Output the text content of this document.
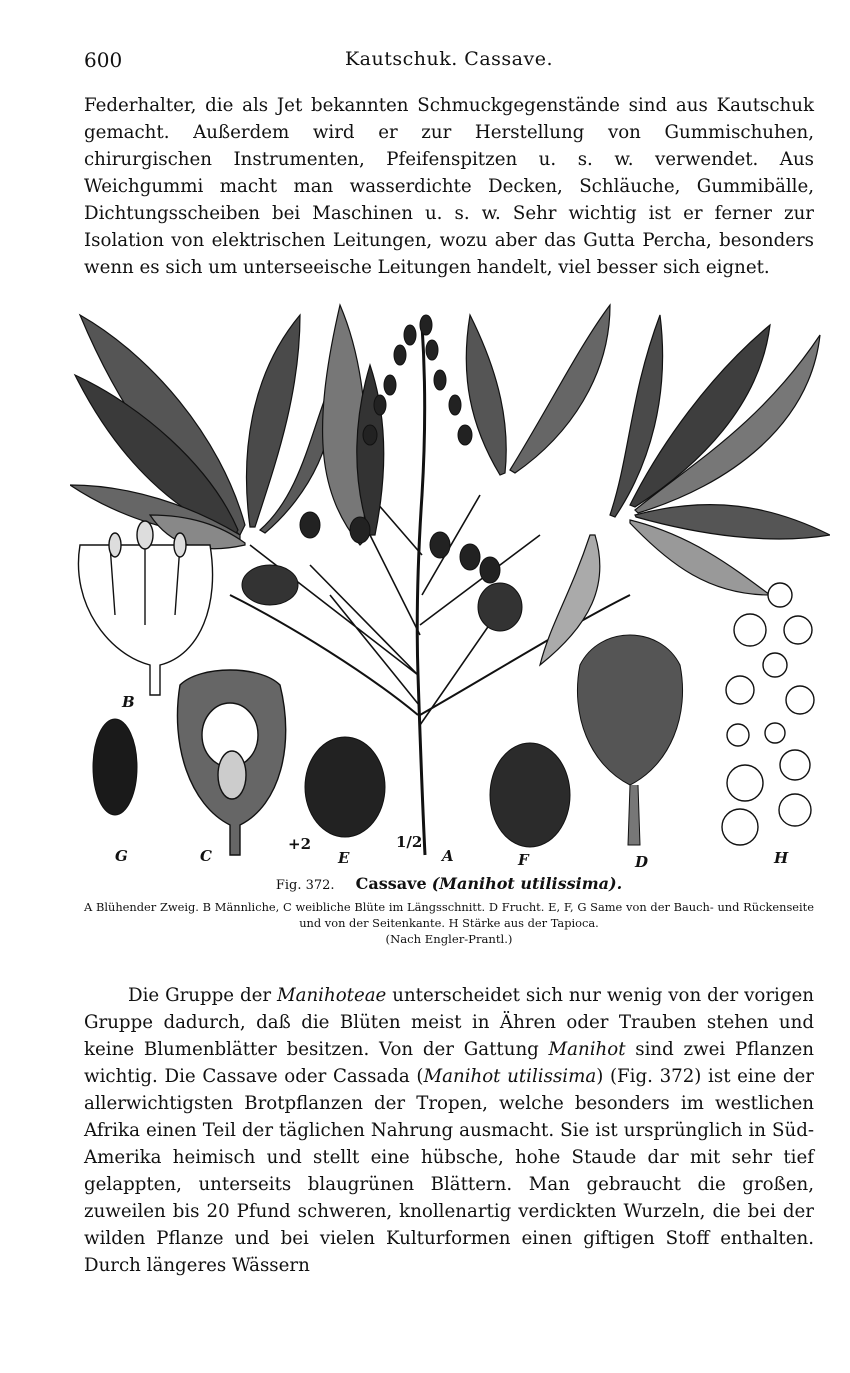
600	Kautschuk. Cassave.
Federhalter, die als Jet bekannten Schmuckgegenstände sind aus Kautschuk gemacht. Außerdem wird er zur Herstellung von Gummischuhen, chirurgischen Instrumenten, Pfeifenspitzen u. s. w. verwendet. Aus Weichgummi macht man wasserdichte Decken, Schläuche, Gummibälle, Dichtungsscheiben bei Maschinen u. s. w. Sehr wichtig ist er ferner zur Isolation von elektrischen Leitungen, wozu aber das Gutta Percha, besonders wenn es sich um unterseeische Leitungen handelt, viel besser sich eignet.
B
G	C
+2
E
1/2
A	F	D	H
Fig. 372. Cassave (Manihot utilissima).
A Blühender Zweig. B Männliche, C weibliche Blüte im Längsschnitt. D Frucht. E, F, G Same von der Bauch- und Rückenseite und von der Seitenkante. H Stärke aus der Tapioca.
(Nach Engler-Prantl.)
Die Gruppe der Manihoteae unterscheidet sich nur wenig von der vorigen Gruppe dadurch, daß die Blüten meist in Ähren oder Trauben stehen und keine Blumenblätter besitzen. Von der Gattung Manihot sind zwei Pflanzen wichtig. Die Cassave oder Cassada (Manihot utilissima) (Fig. 372) ist eine der allerwichtigsten Brotpflanzen der Tropen, welche besonders im westlichen Afrika einen Teil der täglichen Nahrung ausmacht. Sie ist ursprünglich in Süd-Amerika heimisch und stellt eine hübsche, hohe Staude dar mit sehr tief gelappten, unterseits blaugrünen Blättern. Man gebraucht die großen, zuweilen bis 20 Pfund schweren, knollenartig verdickten Wurzeln, die bei der wilden Pflanze und bei vielen Kulturformen einen giftigen Stoff enthalten. Durch längeres Wässern
